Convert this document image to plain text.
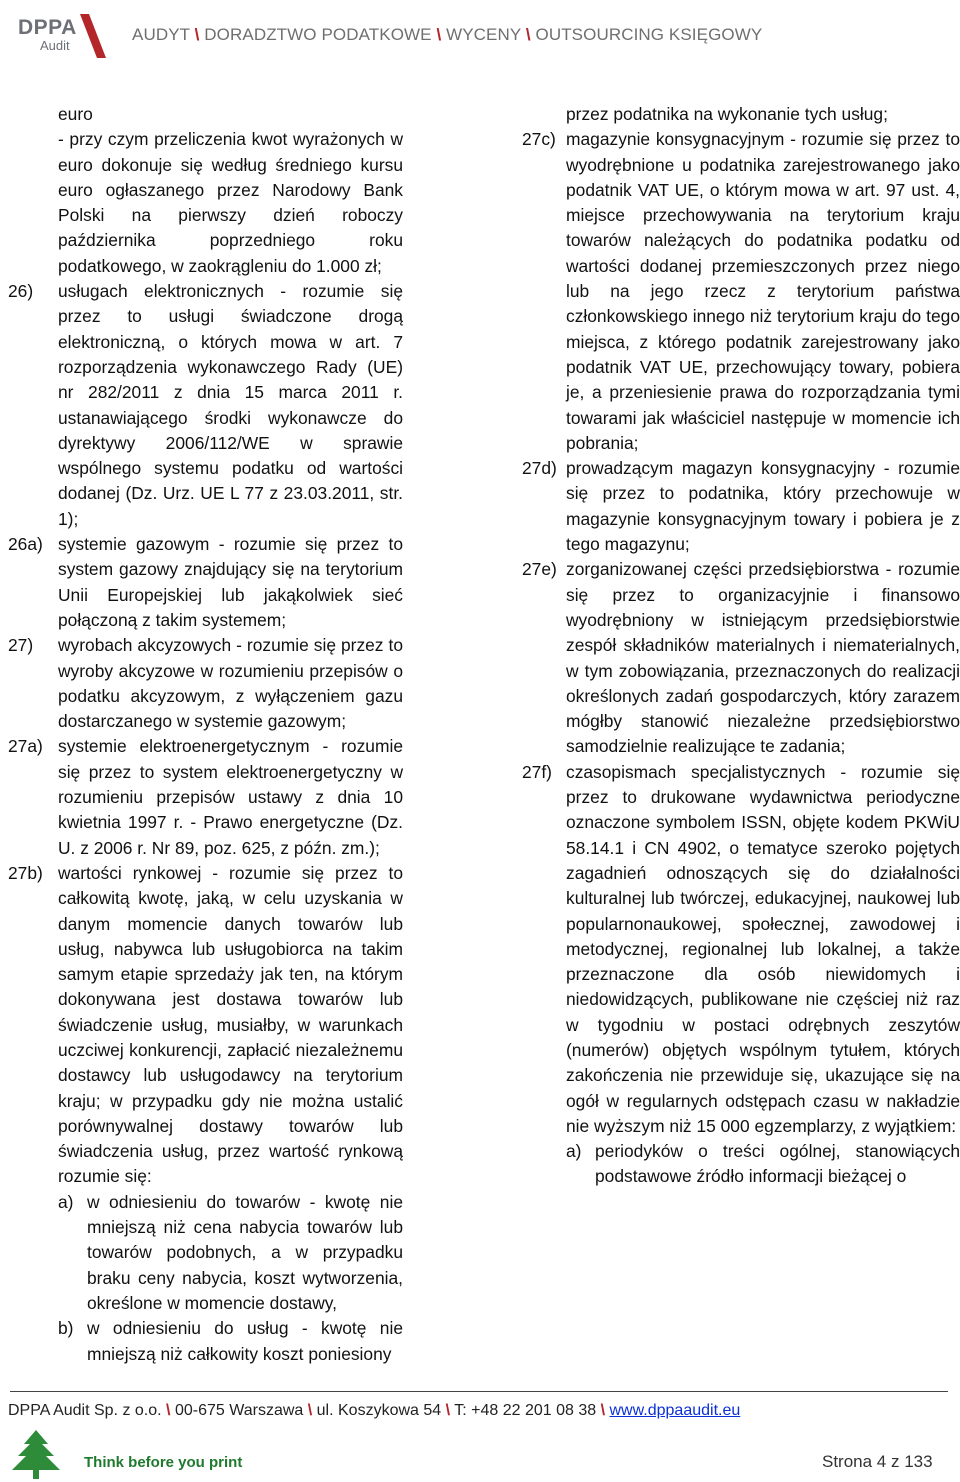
DPPA
Audit
AUDYT \ DORADZTWO PODATKOWE \ WYCENY \ OUTSOURCING KSIĘGOWY
euro
- przy czym przeliczenia kwot wyrażonych w euro dokonuje się według średniego kursu euro ogłaszanego przez Narodowy Bank Polski na pierwszy dzień roboczy października poprzedniego roku podatkowego, w zaokrągleniu do 1.000 zł;
26)	usługach elektronicznych - rozumie się przez to usługi świadczone drogą elektroniczną, o których mowa w art. 7 rozporządzenia wykonawczego Rady (UE) nr 282/2011 z dnia 15 marca 2011 r. ustanawiającego środki wykonawcze do dyrektywy 2006/112/WE w sprawie wspólnego systemu podatku od wartości dodanej (Dz. Urz. UE L 77 z 23.03.2011, str. 1);
26a) systemie gazowym - rozumie się przez to system gazowy znajdujący się na terytorium Unii Europejskiej lub jakąkolwiek sieć połączoną z takim systemem;
27)	wyrobach akcyzowych - rozumie się przez to wyroby akcyzowe w rozumieniu przepisów o podatku akcyzowym, z wyłączeniem gazu dostarczanego w systemie gazowym;
27a) systemie elektroenergetycznym - rozumie się przez to system elektroenergetyczny w rozumieniu przepisów ustawy z dnia 10 kwietnia 1997 r. - Prawo energetyczne (Dz. U. z 2006 r. Nr 89, poz. 625, z późn. zm.);
27b) wartości rynkowej - rozumie się przez to całkowitą kwotę, jaką, w celu uzyskania w danym momencie danych towarów lub usług, nabywca lub usługobiorca na takim samym etapie sprzedaży jak ten, na którym dokonywana jest dostawa towarów lub świadczenie usług, musiałby, w warunkach uczciwej konkurencji, zapłacić niezależnemu dostawcy lub usługodawcy na terytorium kraju; w przypadku gdy nie można ustalić porównywalnej dostawy towarów lub świadczenia usług, przez wartość rynkową rozumie się:
a) w odniesieniu do towarów - kwotę nie mniejszą niż cena nabycia towarów lub towarów podobnych, a w przypadku braku ceny nabycia, koszt wytworzenia, określone w momencie dostawy,
b) w odniesieniu do usług - kwotę nie mniejszą niż całkowity koszt poniesiony
przez podatnika na wykonanie tych usług;
27c) magazynie konsygnacyjnym - rozumie się przez to wyodrębnione u podatnika zarejestrowanego jako podatnik VAT UE, o którym mowa w art. 97 ust. 4, miejsce przechowywania na terytorium kraju towarów należących do podatnika podatku od wartości dodanej przemieszczonych przez niego lub na jego rzecz z terytorium państwa członkowskiego innego niż terytorium kraju do tego miejsca, z którego podatnik zarejestrowany jako podatnik VAT UE, przechowujący towary, pobiera je, a przeniesienie prawa do rozporządzania tymi towarami jak właściciel następuje w momencie ich pobrania;
27d) prowadzącym magazyn konsygnacyjny - rozumie się przez to podatnika, który przechowuje w magazynie konsygnacyjnym towary i pobiera je z tego magazynu;
27e) zorganizowanej części przedsiębiorstwa - rozumie się przez to organizacyjnie i finansowo wyodrębniony w istniejącym przedsiębiorstwie zespół składników materialnych i niematerialnych, w tym zobowiązania, przeznaczonych do realizacji określonych zadań gospodarczych, który zarazem mógłby stanowić niezależne przedsiębiorstwo samodzielnie realizujące te zadania;
27f) czasopismach specjalistycznych - rozumie się przez to drukowane wydawnictwa periodyczne oznaczone symbolem ISSN, objęte kodem PKWiU 58.14.1 i CN 4902, o tematyce szeroko pojętych zagadnień odnoszących się do działalności kulturalnej lub twórczej, edukacyjnej, naukowej lub popularnonaukowej, społecznej, zawodowej i metodycznej, regionalnej lub lokalnej, a także przeznaczone dla osób niewidomych i niedowidzących, publikowane nie częściej niż raz w tygodniu w postaci odrębnych zeszytów (numerów) objętych wspólnym tytułem, których zakończenia nie przewiduje się, ukazujące się na ogół w regularnych odstępach czasu w nakładzie nie wyższym niż 15 000 egzemplarzy, z wyjątkiem:
a) periodyków o treści ogólnej, stanowiących podstawowe źródło informacji bieżącej o
DPPA Audit Sp. z o.o. \ 00-675 Warszawa \ ul. Koszykowa 54 \ T: +48 22 201 08 38 \ www.dppaaudit.eu
Think before you print	Strona 4 z 133
